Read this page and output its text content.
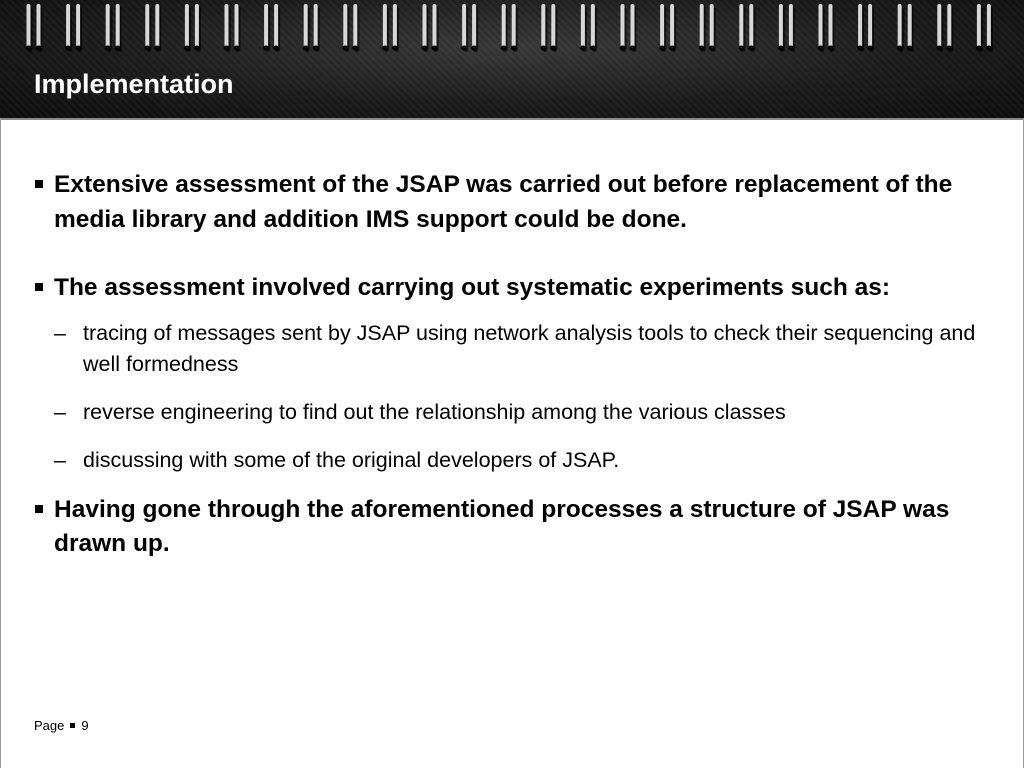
Implementation
Extensive assessment of the JSAP was carried out before replacement of the media library and addition IMS support could be done.
The assessment involved carrying out systematic experiments such as:
– tracing of messages sent by JSAP using network analysis tools to check their sequencing and well formedness
– reverse engineering to find out the relationship among the various classes
– discussing with some of the original developers of JSAP.
Having gone through the aforementioned processes a structure of JSAP was drawn up.
Page 9
